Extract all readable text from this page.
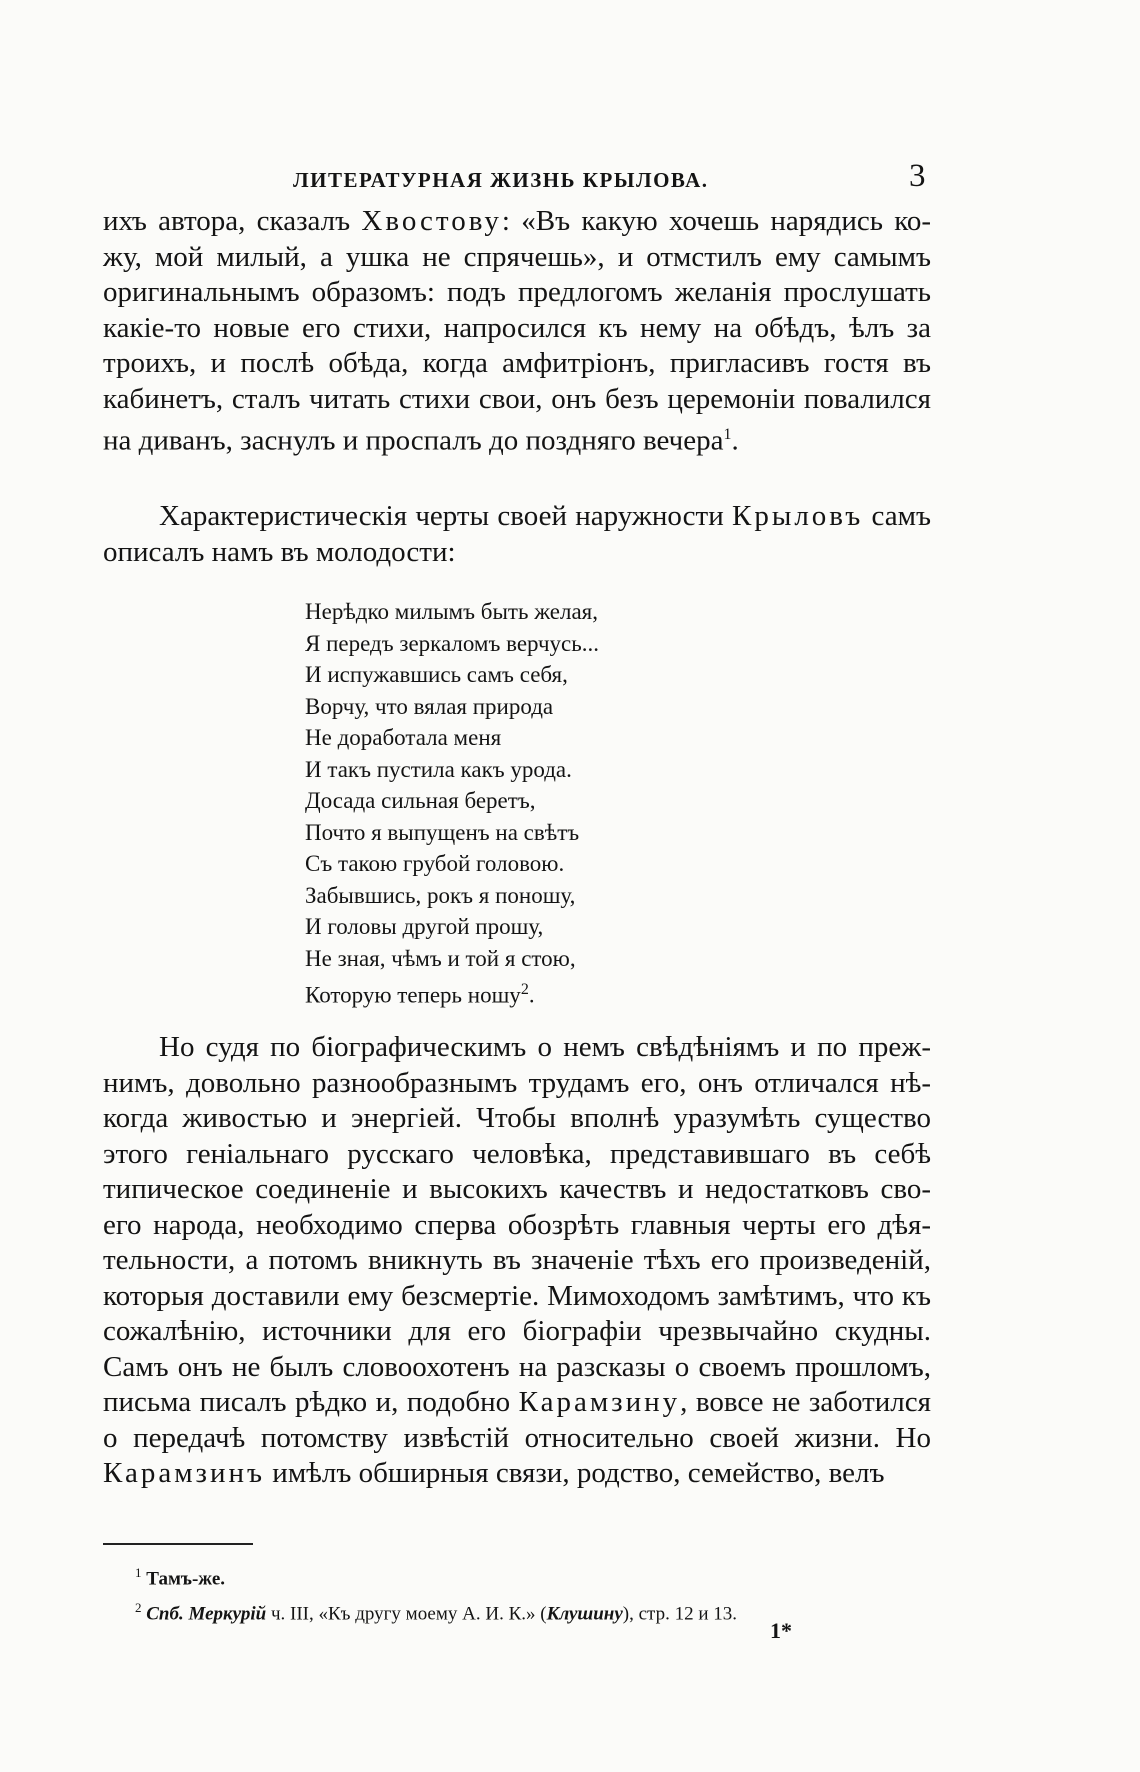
ЛИТЕРАТУРНАЯ ЖИЗНЬ КРЫЛОВА.	3
ихъ автора, сказалъ Хвостову: «Въ какую хочешь нарядись ко- жу, мой милый, а ушка не спрячешь», и отмстилъ ему самымъ оригинальнымъ образомъ: подъ предлогомъ желанія прослушать какіе-то новые его стихи, напросился къ нему на обѣдъ, ѣлъ за троихъ, и послѣ обѣда, когда амфитріонъ, пригласивъ гостя въ кабинетъ, сталъ читать стихи свои, онъ безъ церемоніи повалился на диванъ, заснулъ и проспалъ до поздняго вечера$^1$.
Характеристическія черты своей наружности Крыловъ самъ описалъ намъ въ молодости:
Нерѣдко милымъ быть желая,
Я передъ зеркаломъ верчусь...
И испужавшись самъ себя,
Ворчу, что вялая природа
Не доработала меня
И такъ пустила какъ урода.
Досада сильная беретъ,
Почто я выпущенъ на свѣтъ
Съ такою грубой головою.
Забывшись, рокъ я поношу,
И головы другой прошу,
Не зная, чѣмъ и той я стою,
Которую теперь ношу$^2$.
Но судя по біографическимъ о немъ свѣдѣніямъ и по преж- нимъ, довольно разнообразнымъ трудамъ его, онъ отличался нѣ- когда живостью и энергіей. Чтобы вполнѣ уразумѣть существо этого геніальнаго русскаго человѣка, представившаго въ себѣ типическое соединеніе и высокихъ качествъ и недостатковъ сво- его народа, необходимо сперва обозрѣть главныя черты его дѣя- тельности, а потомъ вникнуть въ значеніе тѣхъ его произведеній, которыя доставили ему безсмертіе. Мимоходомъ замѣтимъ, что къ сожалѣнію, источники для его біографіи чрезвычайно скудны. Самъ онъ не былъ словоохотенъ на разсказы о своемъ прошломъ, письма писалъ рѣдко и, подобно Карамзину, вовсе не заботился о передачѣ потомству извѣстій относительно своей жизни. Но Карамзинъ имѣлъ обширныя связи, родство, семейство, велъ
$^1$ Тамъ-же.
$^2$ Спб. Меркурій ч. III, «Къ другу моему А. И. К.» (Клушину), стр. 12 и 13.
1*
